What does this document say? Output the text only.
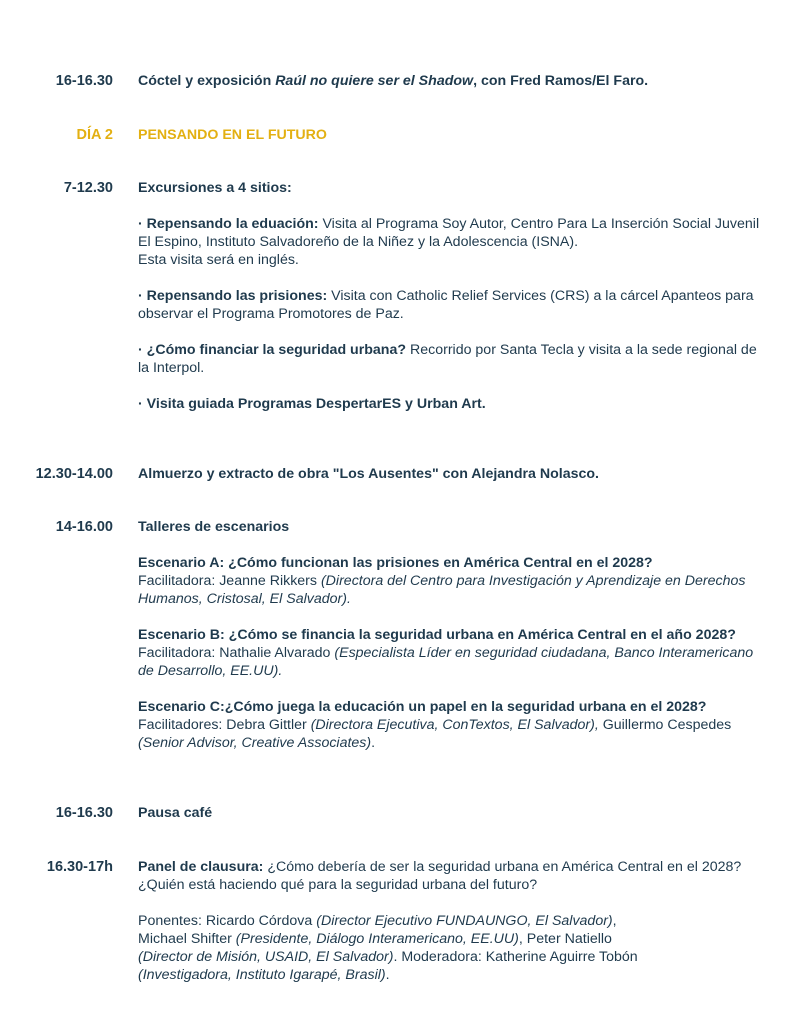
16-16.30 Cóctel y exposición Raúl no quiere ser el Shadow, con Fred Ramos/El Faro.
DÍA 2 PENSANDO EN EL FUTURO
7-12.30 Excursiones a 4 sitios:
· Repensando la eduación: Visita al Programa Soy Autor, Centro Para La Inserción Social Juvenil El Espino, Instituto Salvadoreño de la Niñez y la Adolescencia (ISNA).
Esta visita será en inglés.
· Repensando las prisiones: Visita con Catholic Relief Services (CRS) a la cárcel Apanteos para observar el Programa Promotores de Paz.
· ¿Cómo financiar la seguridad urbana? Recorrido por Santa Tecla y visita a la sede regional de la Interpol.
· Visita guiada Programas DespertarES y Urban Art.
12.30-14.00 Almuerzo y extracto de obra "Los Ausentes" con Alejandra Nolasco.
14-16.00 Talleres de escenarios
Escenario A: ¿Cómo funcionan las prisiones en América Central en el 2028?
Facilitadora: Jeanne Rikkers (Directora del Centro para Investigación y Aprendizaje en Derechos Humanos, Cristosal, El Salvador).
Escenario B: ¿Cómo se financia la seguridad urbana en América Central en el año 2028?
Facilitadora: Nathalie Alvarado (Especialista Líder en seguridad ciudadana, Banco Interamericano de Desarrollo, EE.UU).
Escenario C:¿Cómo juega la educación un papel en la seguridad urbana en el 2028?
Facilitadores: Debra Gittler (Directora Ejecutiva, ConTextos, El Salvador), Guillermo Cespedes (Senior Advisor, Creative Associates).
16-16.30 Pausa café
16.30-17h Panel de clausura: ¿Cómo debería de ser la seguridad urbana en América Central en el 2028? ¿Quién está haciendo qué para la seguridad urbana del futuro?
Ponentes: Ricardo Córdova (Director Ejecutivo FUNDAUNGO, El Salvador),
Michael Shifter (Presidente, Diálogo Interamericano, EE.UU), Peter Natiello
(Director de Misión, USAID, El Salvador). Moderadora: Katherine Aguirre Tobón
(Investigadora, Instituto Igarapé, Brasil).
